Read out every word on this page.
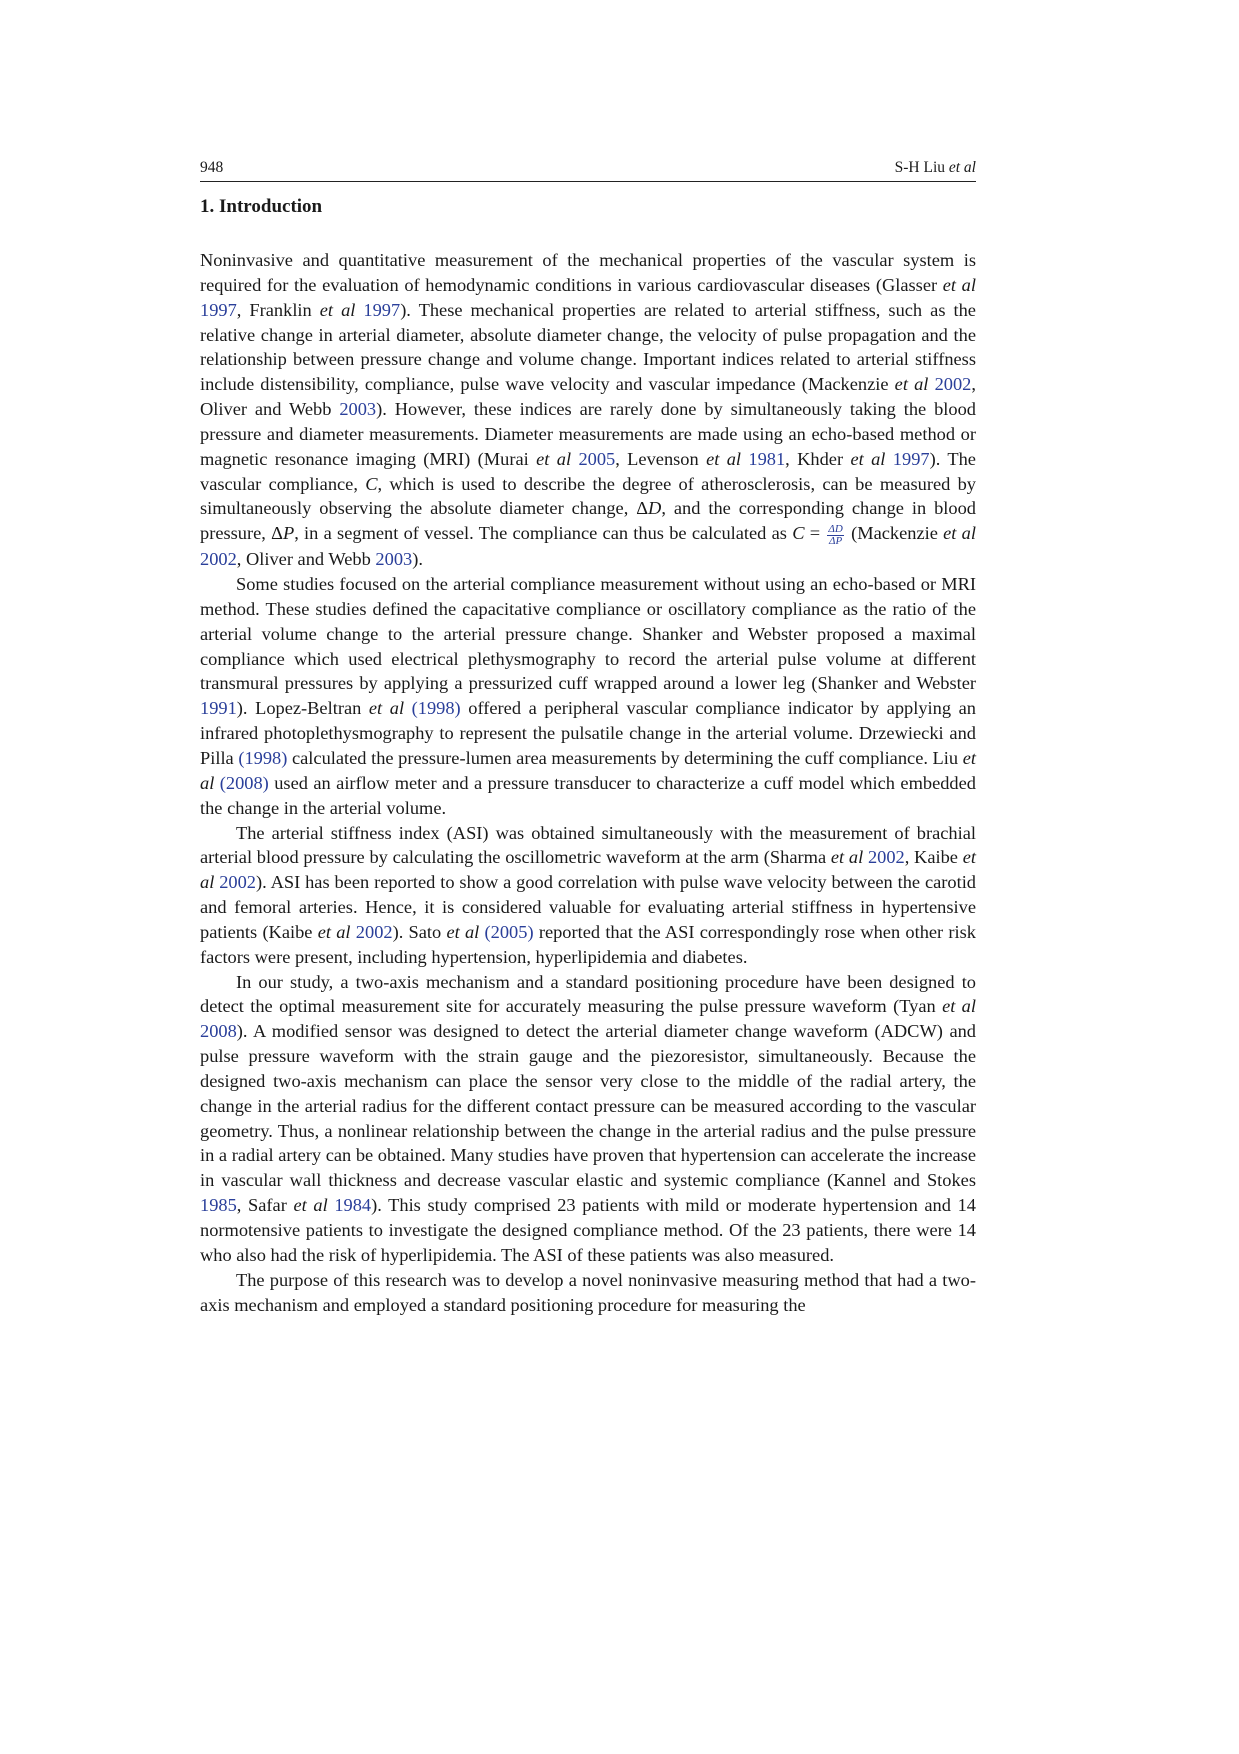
948	S-H Liu et al
1. Introduction

Noninvasive and quantitative measurement of the mechanical properties of the vascular system is required for the evaluation of hemodynamic conditions in various cardiovascular diseases (Glasser et al 1997, Franklin et al 1997). These mechanical properties are related to arterial stiffness, such as the relative change in arterial diameter, absolute diameter change, the velocity of pulse propagation and the relationship between pressure change and volume change. Important indices related to arterial stiffness include distensibility, compliance, pulse wave velocity and vascular impedance (Mackenzie et al 2002, Oliver and Webb 2003). However, these indices are rarely done by simultaneously taking the blood pressure and diameter measurements. Diameter measurements are made using an echo-based method or magnetic resonance imaging (MRI) (Murai et al 2005, Levenson et al 1981, Khder et al 1997). The vascular compliance, C, which is used to describe the degree of atherosclerosis, can be measured by simultaneously observing the absolute diameter change, ΔD, and the corresponding change in blood pressure, ΔP, in a segment of vessel. The compliance can thus be calculated as $C = \frac{\Delta D}{\Delta P}$ (Mackenzie et al 2002, Oliver and Webb 2003).

Some studies focused on the arterial compliance measurement without using an echo-based or MRI method. These studies defined the capacitative compliance or oscillatory compliance as the ratio of the arterial volume change to the arterial pressure change. Shanker and Webster proposed a maximal compliance which used electrical plethysmography to record the arterial pulse volume at different transmural pressures by applying a pressurized cuff wrapped around a lower leg (Shanker and Webster 1991). Lopez-Beltran et al (1998) offered a peripheral vascular compliance indicator by applying an infrared photoplethysmography to represent the pulsatile change in the arterial volume. Drzewiecki and Pilla (1998) calculated the pressure-lumen area measurements by determining the cuff compliance. Liu et al (2008) used an airflow meter and a pressure transducer to characterize a cuff model which embedded the change in the arterial volume.

The arterial stiffness index (ASI) was obtained simultaneously with the measurement of brachial arterial blood pressure by calculating the oscillometric waveform at the arm (Sharma et al 2002, Kaibe et al 2002). ASI has been reported to show a good correlation with pulse wave velocity between the carotid and femoral arteries. Hence, it is considered valuable for evaluating arterial stiffness in hypertensive patients (Kaibe et al 2002). Sato et al (2005) reported that the ASI correspondingly rose when other risk factors were present, including hypertension, hyperlipidemia and diabetes.

In our study, a two-axis mechanism and a standard positioning procedure have been designed to detect the optimal measurement site for accurately measuring the pulse pressure waveform (Tyan et al 2008). A modified sensor was designed to detect the arterial diameter change waveform (ADCW) and pulse pressure waveform with the strain gauge and the piezoresistor, simultaneously. Because the designed two-axis mechanism can place the sensor very close to the middle of the radial artery, the change in the arterial radius for the different contact pressure can be measured according to the vascular geometry. Thus, a nonlinear relationship between the change in the arterial radius and the pulse pressure in a radial artery can be obtained. Many studies have proven that hypertension can accelerate the increase in vascular wall thickness and decrease vascular elastic and systemic compliance (Kannel and Stokes 1985, Safar et al 1984). This study comprised 23 patients with mild or moderate hypertension and 14 normotensive patients to investigate the designed compliance method. Of the 23 patients, there were 14 who also had the risk of hyperlipidemia. The ASI of these patients was also measured.

The purpose of this research was to develop a novel noninvasive measuring method that had a two-axis mechanism and employed a standard positioning procedure for measuring the
